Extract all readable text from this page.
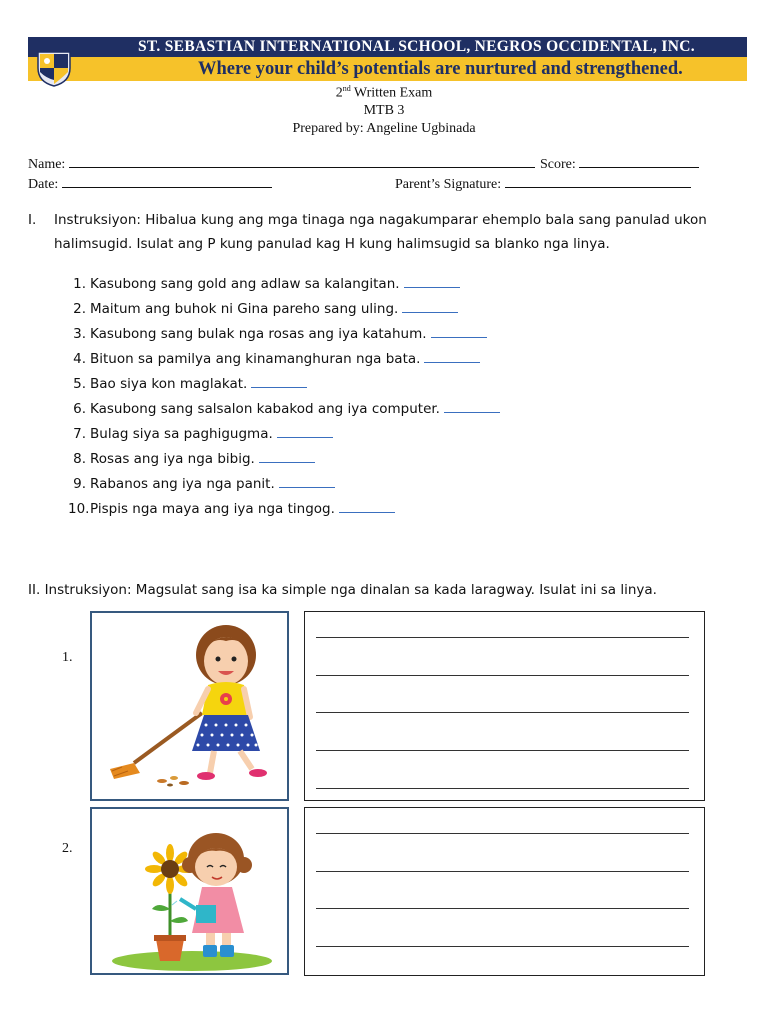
ST. SEBASTIAN INTERNATIONAL SCHOOL, NEGROS OCCIDENTAL, INC.
Where your child’s potentials are nurtured and strengthened.
2nd Written Exam
MTB 3
Prepared by: Angeline Ugbinada
Name:	Score:
Date:	Parent’s Signature:
I. Instruksiyon: Hibalua kung ang mga tinaga nga nagakumparar ehemplo bala sang panulad ukon
halimsugid. Isulat ang P kung panulad kag H kung halimsugid sa blanko nga linya.
1. Kasubong sang gold ang adlaw sa kalangitan.
2. Maitum ang buhok ni Gina pareho sang uling.
3. Kasubong sang bulak nga rosas ang iya katahum.
4. Bituon sa pamilya ang kinamanghuran nga bata.
5. Bao siya kon maglakat.
6. Kasubong sang salsalon kabakod ang iya computer.
7. Bulag siya sa paghigugma.
8. Rosas ang iya nga bibig.
9. Rabanos ang iya nga panit.
10.Pispis nga maya ang iya nga tingog.
II. Instruksiyon: Magsulat sang isa ka simple nga dinalan sa kada laragway. Isulat ini sa linya.
1.
2.
